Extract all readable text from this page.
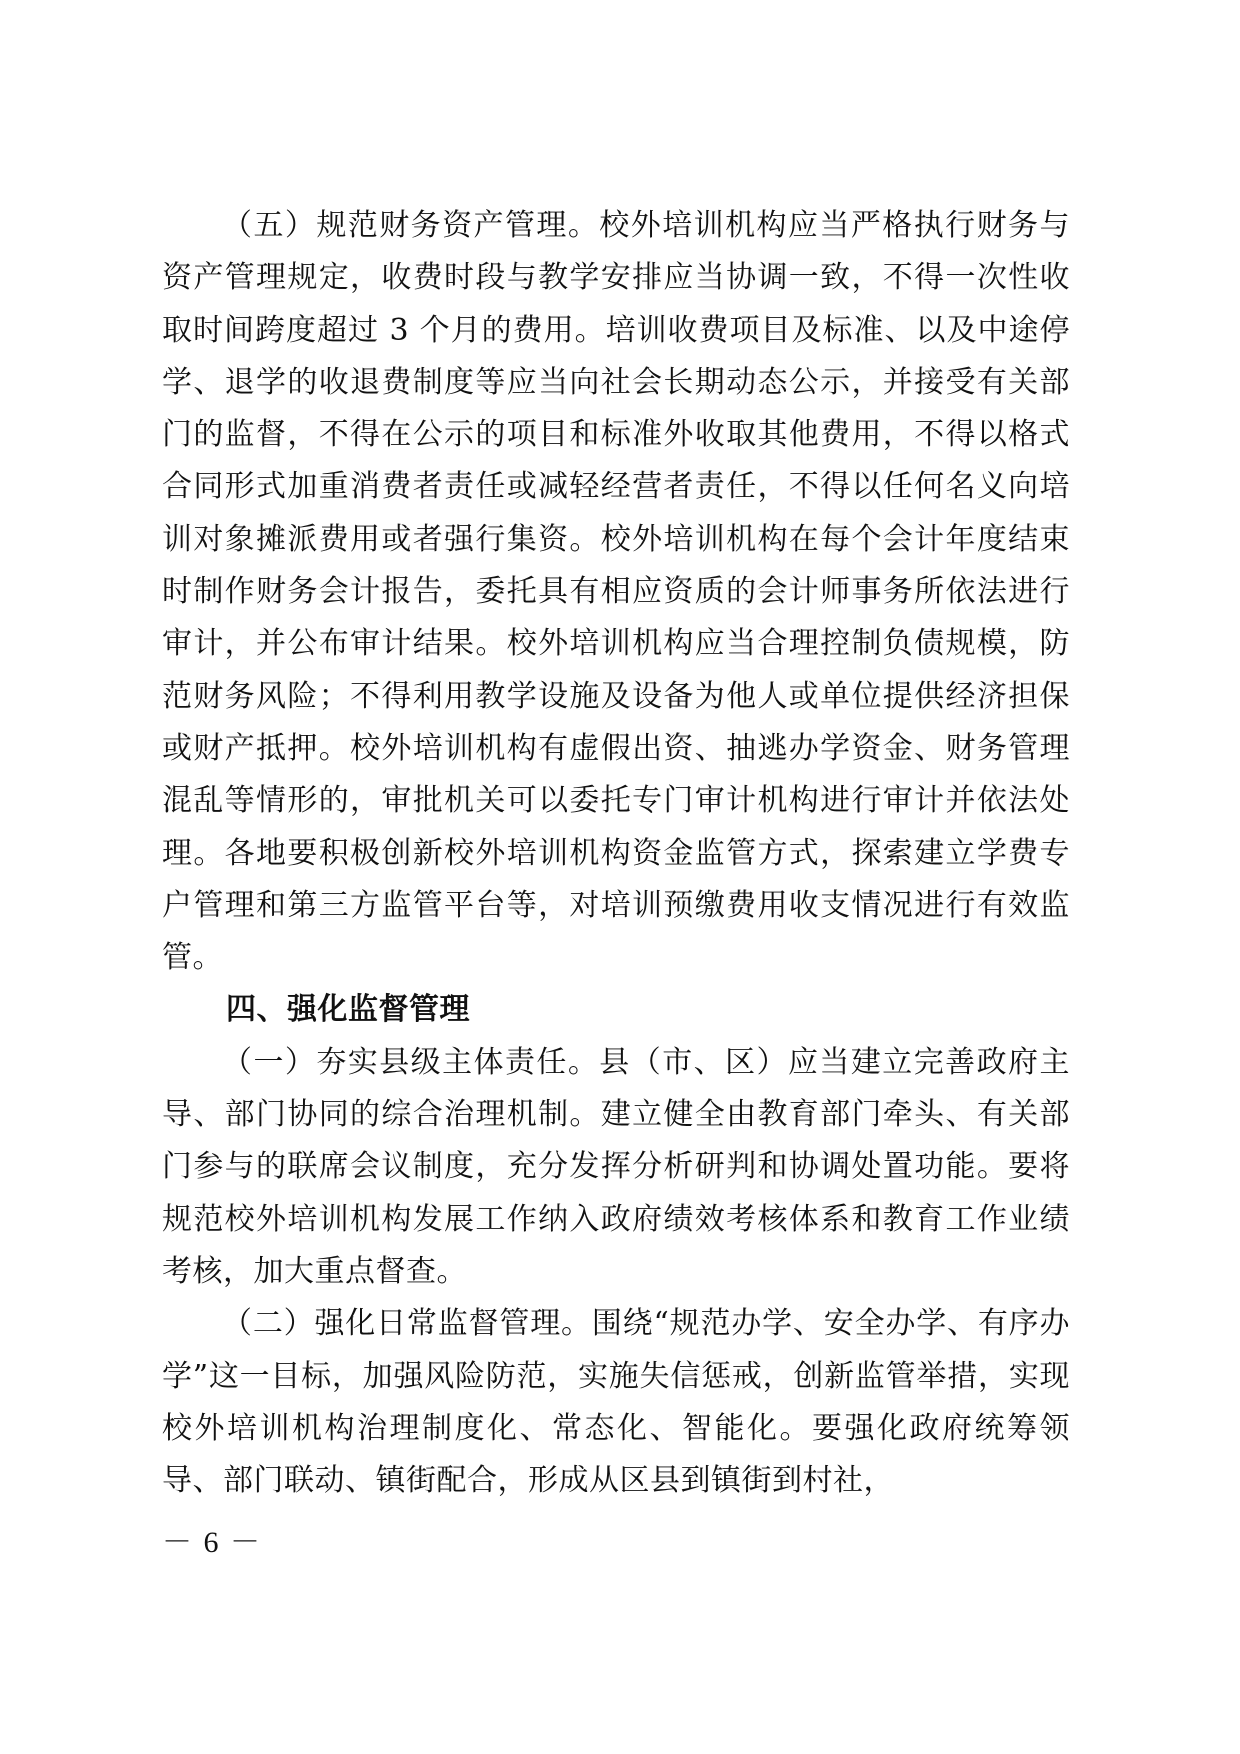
（五）规范财务资产管理。校外培训机构应当严格执行财务与资产管理规定，收费时段与教学安排应当协调一致，不得一次性收取时间跨度超过 3 个月的费用。培训收费项目及标准、以及中途停学、退学的收退费制度等应当向社会长期动态公示，并接受有关部门的监督，不得在公示的项目和标准外收取其他费用，不得以格式合同形式加重消费者责任或减轻经营者责任，不得以任何名义向培训对象摊派费用或者强行集资。校外培训机构在每个会计年度结束时制作财务会计报告，委托具有相应资质的会计师事务所依法进行审计，并公布审计结果。校外培训机构应当合理控制负债规模，防范财务风险；不得利用教学设施及设备为他人或单位提供经济担保或财产抵押。校外培训机构有虚假出资、抽逃办学资金、财务管理混乱等情形的，审批机关可以委托专门审计机构进行审计并依法处理。各地要积极创新校外培训机构资金监管方式，探索建立学费专户管理和第三方监管平台等，对培训预缴费用收支情况进行有效监管。

四、强化监督管理

（一）夯实县级主体责任。县（市、区）应当建立完善政府主导、部门协同的综合治理机制。建立健全由教育部门牵头、有关部门参与的联席会议制度，充分发挥分析研判和协调处置功能。要将规范校外培训机构发展工作纳入政府绩效考核体系和教育工作业绩考核，加大重点督查。

（二）强化日常监督管理。围绕“规范办学、安全办学、有序办学”这一目标，加强风险防范，实施失信惩戒，创新监管举措，实现校外培训机构治理制度化、常态化、智能化。要强化政府统筹领导、部门联动、镇街配合，形成从区县到镇街到村社，

－ 6 －
